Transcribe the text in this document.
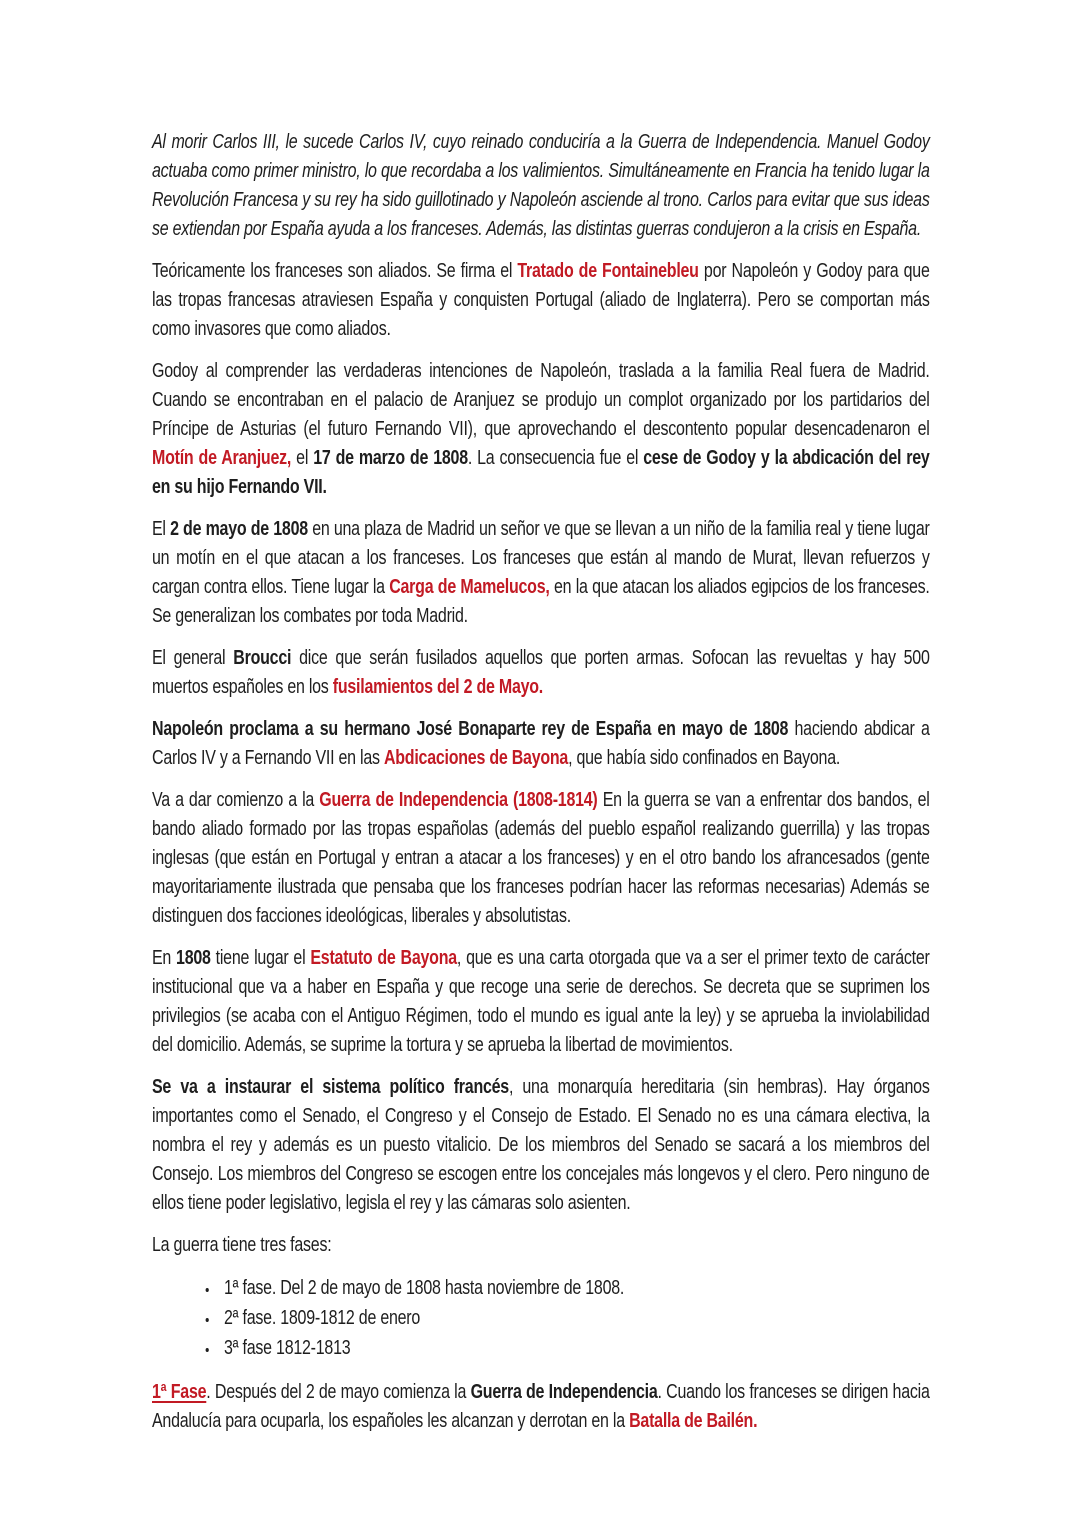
Al morir Carlos III, le sucede Carlos IV, cuyo reinado conduciría a la Guerra de Independencia. Manuel Godoy actuaba como primer ministro, lo que recordaba a los valimientos. Simultáneamente en Francia ha tenido lugar la Revolución Francesa y su rey ha sido guillotinado y Napoleón asciende al trono. Carlos para evitar que sus ideas se extiendan por España ayuda a los franceses. Además, las distintas guerras condujeron a la crisis en España.

Teóricamente los franceses son aliados. Se firma el Tratado de Fontainebleu por Napoleón y Godoy para que las tropas francesas atraviesen España y conquisten Portugal (aliado de Inglaterra). Pero se comportan más como invasores que como aliados.

Godoy al comprender las verdaderas intenciones de Napoleón, traslada a la familia Real fuera de Madrid. Cuando se encontraban en el palacio de Aranjuez se produjo un complot organizado por los partidarios del Príncipe de Asturias (el futuro Fernando VII), que aprovechando el descontento popular desencadenaron el Motín de Aranjuez, el 17 de marzo de 1808. La consecuencia fue el cese de Godoy y la abdicación del rey en su hijo Fernando VII.

El 2 de mayo de 1808 en una plaza de Madrid un señor ve que se llevan a un niño de la familia real y tiene lugar un motín en el que atacan a los franceses. Los franceses que están al mando de Murat, llevan refuerzos y cargan contra ellos. Tiene lugar la Carga de Mamelucos, en la que atacan los aliados egipcios de los franceses. Se generalizan los combates por toda Madrid.

El general Broucci dice que serán fusilados aquellos que porten armas. Sofocan las revueltas y hay 500 muertos españoles en los fusilamientos del 2 de Mayo.

Napoleón proclama a su hermano José Bonaparte rey de España en mayo de 1808 haciendo abdicar a Carlos IV y a Fernando VII en las Abdicaciones de Bayona, que había sido confinados en Bayona.

Va a dar comienzo a la Guerra de Independencia (1808-1814) En la guerra se van a enfrentar dos bandos, el bando aliado formado por las tropas españolas (además del pueblo español realizando guerrilla) y las tropas inglesas (que están en Portugal y entran a atacar a los franceses) y en el otro bando los afrancesados (gente mayoritariamente ilustrada que pensaba que los franceses podrían hacer las reformas necesarias) Además se distinguen dos facciones ideológicas, liberales y absolutistas.

En 1808 tiene lugar el Estatuto de Bayona, que es una carta otorgada que va a ser el primer texto de carácter institucional que va a haber en España y que recoge una serie de derechos. Se decreta que se suprimen los privilegios (se acaba con el Antiguo Régimen, todo el mundo es igual ante la ley) y se aprueba la inviolabilidad del domicilio. Además, se suprime la tortura y se aprueba la libertad de movimientos.

Se va a instaurar el sistema político francés, una monarquía hereditaria (sin hembras). Hay órganos importantes como el Senado, el Congreso y el Consejo de Estado. El Senado no es una cámara electiva, la nombra el rey y además es un puesto vitalicio. De los miembros del Senado se sacará a los miembros del Consejo. Los miembros del Congreso se escogen entre los concejales más longevos y el clero. Pero ninguno de ellos tiene poder legislativo, legisla el rey y las cámaras solo asienten.

La guerra tiene tres fases:

• 1ª fase. Del 2 de mayo de 1808 hasta noviembre de 1808.
• 2ª fase. 1809-1812 de enero
• 3ª fase 1812-1813

1ª Fase. Después del 2 de mayo comienza la Guerra de Independencia. Cuando los franceses se dirigen hacia Andalucía para ocuparla, los españoles les alcanzan y derrotan en la Batalla de Bailén.
